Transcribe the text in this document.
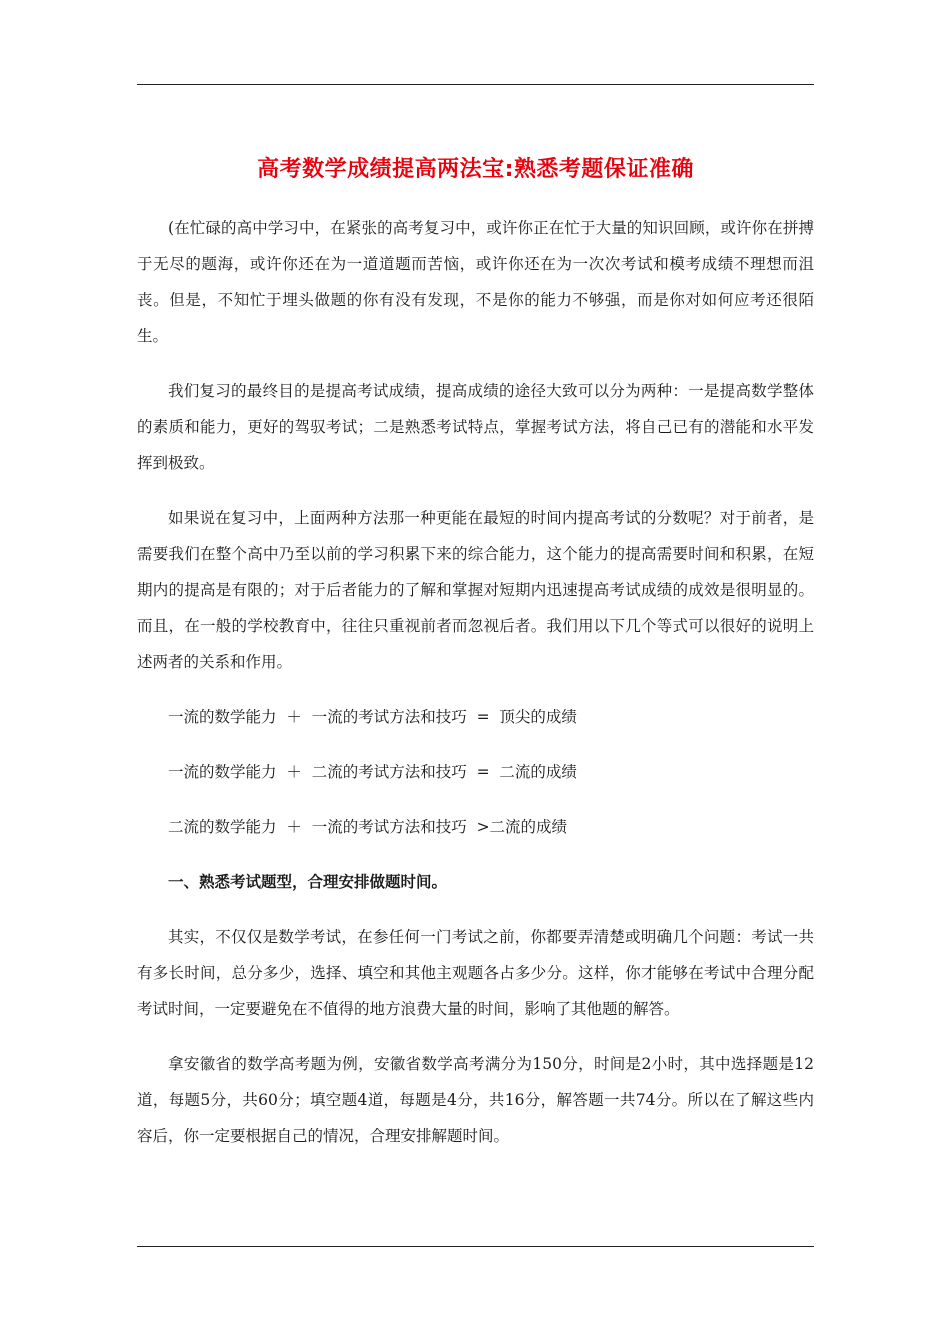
高考数学成绩提高两法宝:熟悉考题保证准确

(在忙碌的高中学习中，在紧张的高考复习中，或许你正在忙于大量的知识回顾，或许你在拼搏于无尽的题海，或许你还在为一道道题而苦恼，或许你还在为一次次考试和模考成绩不理想而沮丧。但是，不知忙于埋头做题的你有没有发现，不是你的能力不够强，而是你对如何应考还很陌生。

我们复习的最终目的是提高考试成绩，提高成绩的途径大致可以分为两种：一是提高数学整体的素质和能力，更好的驾驭考试；二是熟悉考试特点，掌握考试方法，将自己已有的潜能和水平发挥到极致。

如果说在复习中，上面两种方法那一种更能在最短的时间内提高考试的分数呢？对于前者，是需要我们在整个高中乃至以前的学习积累下来的综合能力，这个能力的提高需要时间和积累，在短期内的提高是有限的；对于后者能力的了解和掌握对短期内迅速提高考试成绩的成效是很明显的。而且，在一般的学校教育中，往往只重视前者而忽视后者。我们用以下几个等式可以很好的说明上述两者的关系和作用。

一流的数学能力  ＋  一流的考试方法和技巧  =  顶尖的成绩

一流的数学能力  ＋  二流的考试方法和技巧  =  二流的成绩

二流的数学能力  ＋  一流的考试方法和技巧  >二流的成绩

一、熟悉考试题型，合理安排做题时间。

其实，不仅仅是数学考试，在参任何一门考试之前，你都要弄清楚或明确几个问题：考试一共有多长时间，总分多少，选择、填空和其他主观题各占多少分。这样，你才能够在考试中合理分配考试时间，一定要避免在不值得的地方浪费大量的时间，影响了其他题的解答。

拿安徽省的数学高考题为例，安徽省数学高考满分为150分，时间是2小时，其中选择题是12道，每题5分，共60分；填空题4道，每题是4分，共16分，解答题一共74分。所以在了解这些内容后，你一定要根据自己的情况，合理安排解题时间。
